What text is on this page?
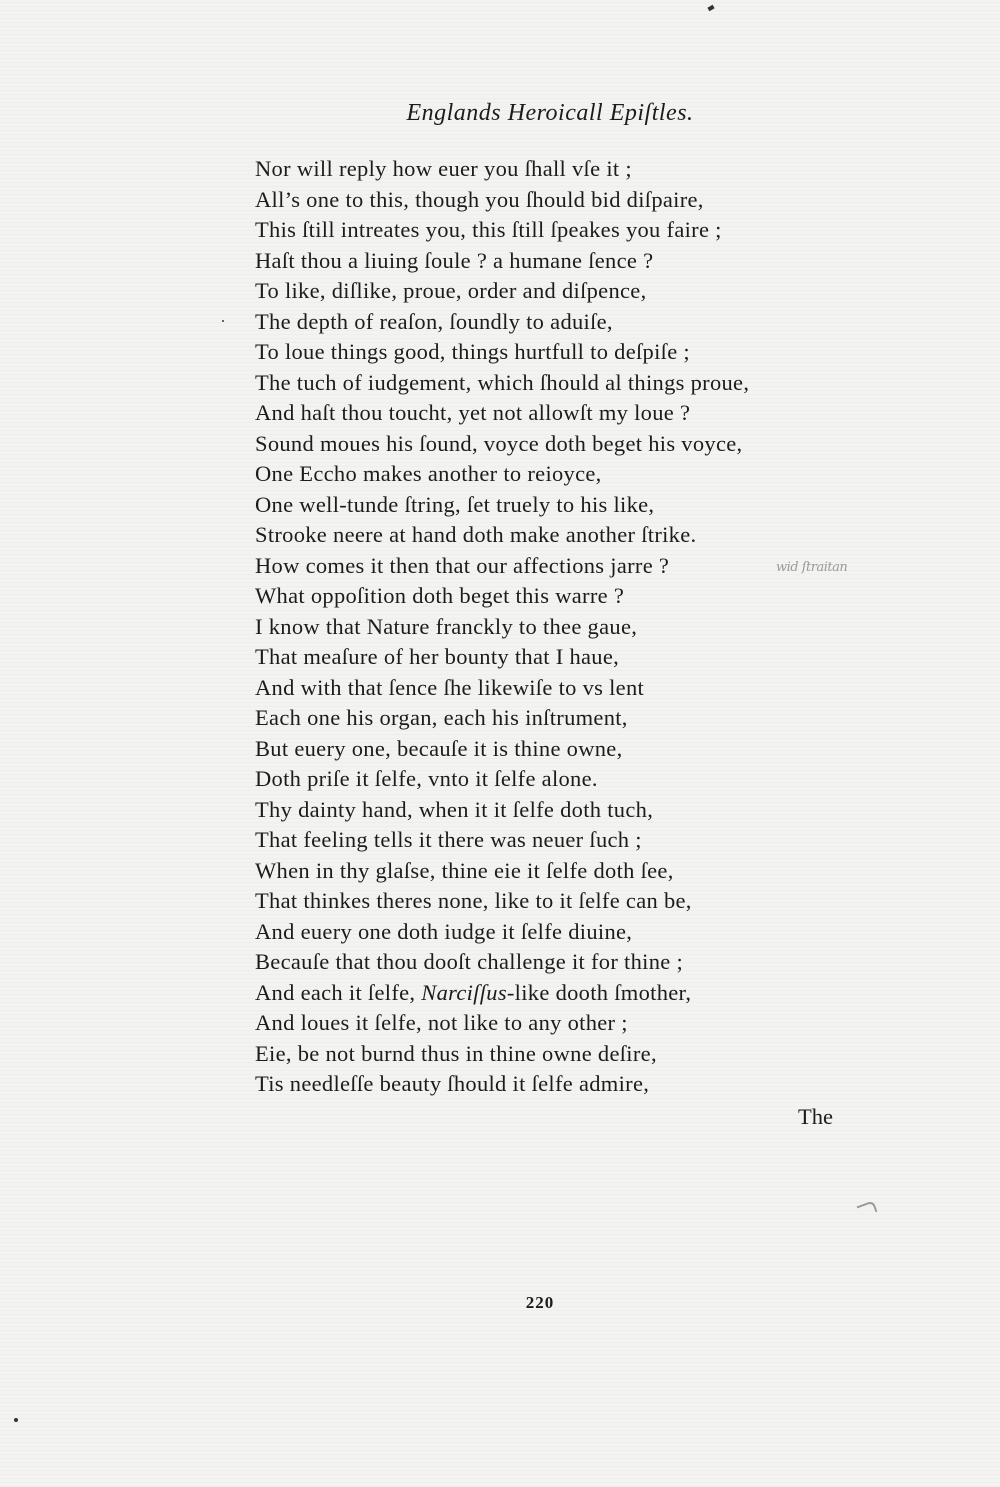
Englands Heroicall Epiſtles.
Nor will reply how euer you ſhall vſe it ;
All’s one to this, though you ſhould bid diſpaire,
This ſtill intreates you, this ſtill ſpeakes you faire ;
Haſt thou a liuing ſoule ? a humane ſence ?
To like, diſlike, proue, order and diſpence,
The depth of reaſon, ſoundly to aduiſe,
To loue things good, things hurtfull to deſpiſe ;
The tuch of iudgement, which ſhould al things proue,
And haſt thou toucht, yet not allowſt my loue ?
Sound moues his ſound, voyce doth beget his voyce,
One Eccho makes another to reioyce,
One well-tunde ſtring, ſet truely to his like,
Strooke neere at hand doth make another ſtrike.
How comes it then that our affections jarre ?
What oppoſition doth beget this warre ?
I know that Nature franckly to thee gaue,
That meaſure of her bounty that I haue,
And with that ſence ſhe likewiſe to vs lent
Each one his organ, each his inſtrument,
But euery one, becauſe it is thine owne,
Doth priſe it ſelfe, vnto it ſelfe alone.
Thy dainty hand, when it it ſelfe doth tuch,
That feeling tells it there was neuer ſuch ;
When in thy glaſse, thine eie it ſelfe doth ſee,
That thinkes theres none, like to it ſelfe can be,
And euery one doth iudge it ſelfe diuine,
Becauſe that thou dooſt challenge it for thine ;
And each it ſelfe, Narciſſus-like dooth ſmother,
And loues it ſelfe, not like to any other ;
Eie, be not burnd thus in thine owne deſire,
Tis needleſſe beauty ſhould it ſelfe admire,
wid ſtraitan
The
220
